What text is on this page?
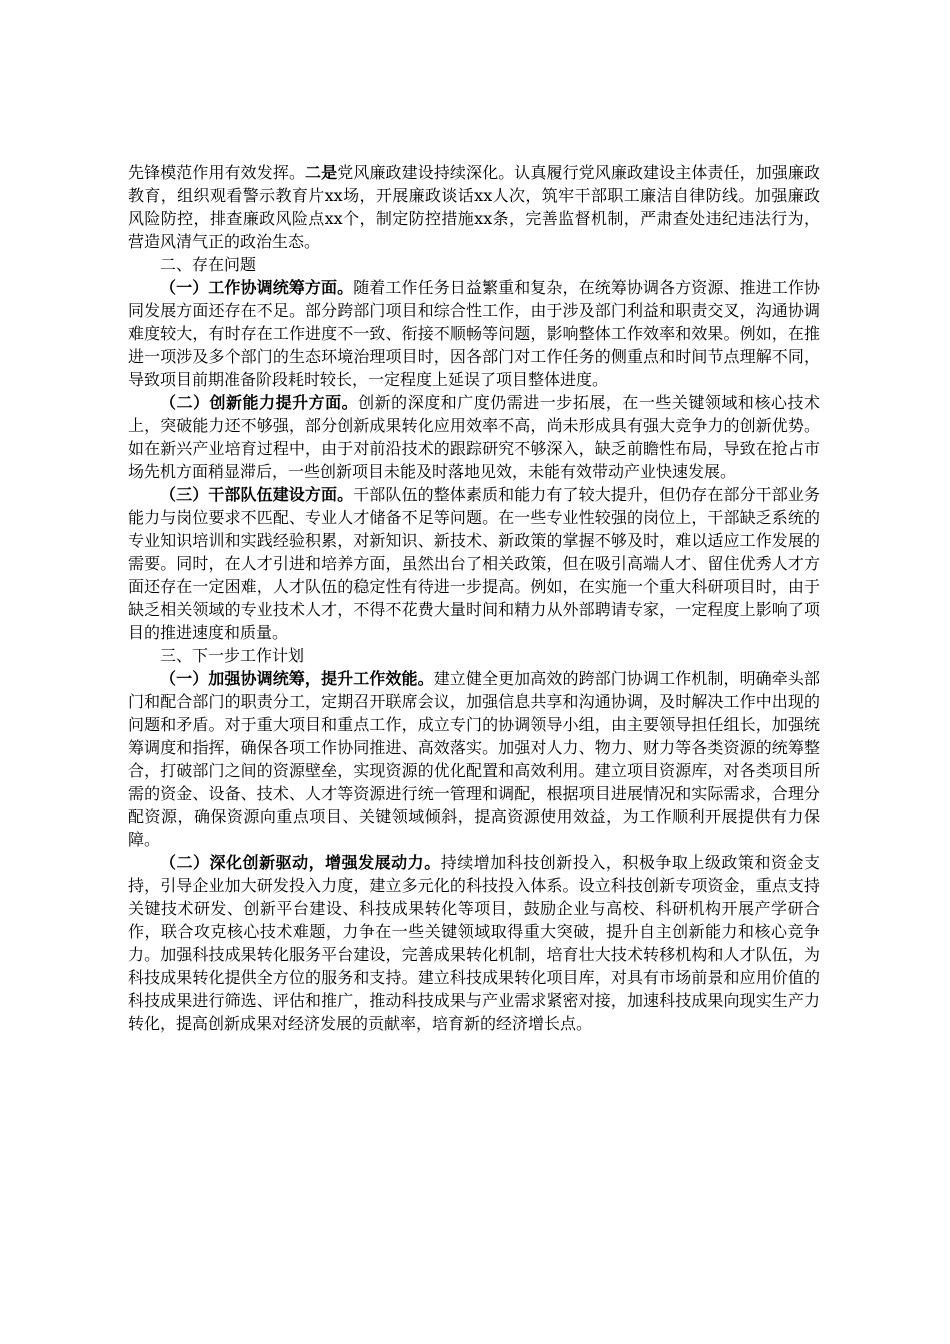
先锋模范作用有效发挥。二是党风廉政建设持续深化。认真履行党风廉政建设主体责任，加强廉政教育，组织观看警示教育片xx场，开展廉政谈话xx人次，筑牢干部职工廉洁自律防线。加强廉政风险防控，排查廉政风险点xx个，制定防控措施xx条，完善监督机制，严肃查处违纪违法行为，营造风清气正的政治生态。

二、存在问题

（一）工作协调统筹方面。随着工作任务日益繁重和复杂，在统筹协调各方资源、推进工作协同发展方面还存在不足。部分跨部门项目和综合性工作，由于涉及部门利益和职责交叉，沟通协调难度较大，有时存在工作进度不一致、衔接不顺畅等问题，影响整体工作效率和效果。例如，在推进一项涉及多个部门的生态环境治理项目时，因各部门对工作任务的侧重点和时间节点理解不同，导致项目前期准备阶段耗时较长，一定程度上延误了项目整体进度。

（二）创新能力提升方面。创新的深度和广度仍需进一步拓展，在一些关键领域和核心技术上，突破能力还不够强，部分创新成果转化应用效率不高，尚未形成具有强大竞争力的创新优势。如在新兴产业培育过程中，由于对前沿技术的跟踪研究不够深入，缺乏前瞻性布局，导致在抢占市场先机方面稍显滞后，一些创新项目未能及时落地见效，未能有效带动产业快速发展。

（三）干部队伍建设方面。干部队伍的整体素质和能力有了较大提升，但仍存在部分干部业务能力与岗位要求不匹配、专业人才储备不足等问题。在一些专业性较强的岗位上，干部缺乏系统的专业知识培训和实践经验积累，对新知识、新技术、新政策的掌握不够及时，难以适应工作发展的需要。同时，在人才引进和培养方面，虽然出台了相关政策，但在吸引高端人才、留住优秀人才方面还存在一定困难，人才队伍的稳定性有待进一步提高。例如，在实施一个重大科研项目时，由于缺乏相关领域的专业技术人才，不得不花费大量时间和精力从外部聘请专家，一定程度上影响了项目的推进速度和质量。

三、下一步工作计划

（一）加强协调统筹，提升工作效能。建立健全更加高效的跨部门协调工作机制，明确牵头部门和配合部门的职责分工，定期召开联席会议，加强信息共享和沟通协调，及时解决工作中出现的问题和矛盾。对于重大项目和重点工作，成立专门的协调领导小组，由主要领导担任组长，加强统筹调度和指挥，确保各项工作协同推进、高效落实。加强对人力、物力、财力等各类资源的统筹整合，打破部门之间的资源壁垒，实现资源的优化配置和高效利用。建立项目资源库，对各类项目所需的资金、设备、技术、人才等资源进行统一管理和调配，根据项目进展情况和实际需求，合理分配资源，确保资源向重点项目、关键领域倾斜，提高资源使用效益，为工作顺利开展提供有力保障。

（二）深化创新驱动，增强发展动力。持续增加科技创新投入，积极争取上级政策和资金支持，引导企业加大研发投入力度，建立多元化的科技投入体系。设立科技创新专项资金，重点支持关键技术研发、创新平台建设、科技成果转化等项目，鼓励企业与高校、科研机构开展产学研合作，联合攻克核心技术难题，力争在一些关键领域取得重大突破，提升自主创新能力和核心竞争力。加强科技成果转化服务平台建设，完善成果转化机制，培育壮大技术转移机构和人才队伍，为科技成果转化提供全方位的服务和支持。建立科技成果转化项目库，对具有市场前景和应用价值的科技成果进行筛选、评估和推广，推动科技成果与产业需求紧密对接，加速科技成果向现实生产力转化，提高创新成果对经济发展的贡献率，培育新的经济增长点。
